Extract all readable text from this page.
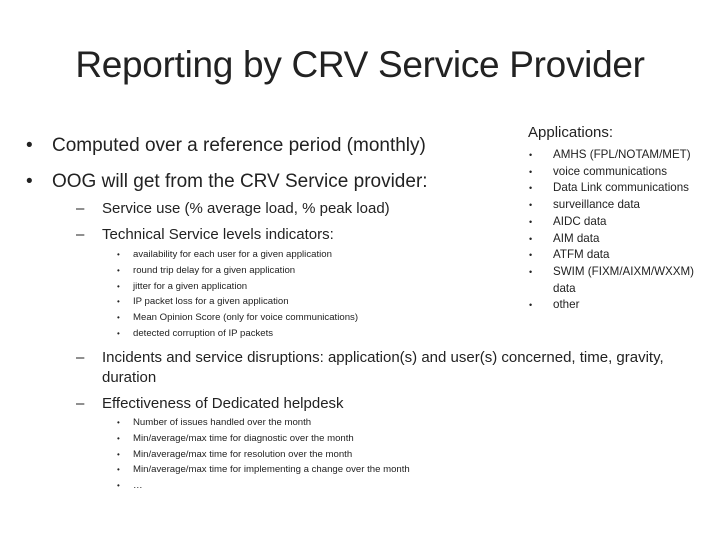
Reporting by CRV Service Provider
• Computed over a reference period (monthly)
• OOG will get from the CRV Service provider:
– Service use (% average load, % peak load)
– Technical Service levels indicators:
• availability for each user for a given application
• round trip delay for a given application
• jitter for a given application
• IP packet loss for a given application
• Mean Opinion Score (only for voice communications)
• detected corruption of IP packets
–	Incidents and service disruptions: application(s) and user(s) concerned, time, gravity, duration
– Effectiveness of Dedicated helpdesk
• Number of issues handled over the month
• Min/average/max time for diagnostic over the month
• Min/average/max time for resolution over the month
• Min/average/max time for implementing a change over the month
• …
Applications:
• AMHS (FPL/NOTAM/MET)
• voice communications
• Data Link communications
• surveillance data
• AIDC data
• AIM data
• ATFM data
• SWIM (FIXM/AIXM/WXXM) data
• other
